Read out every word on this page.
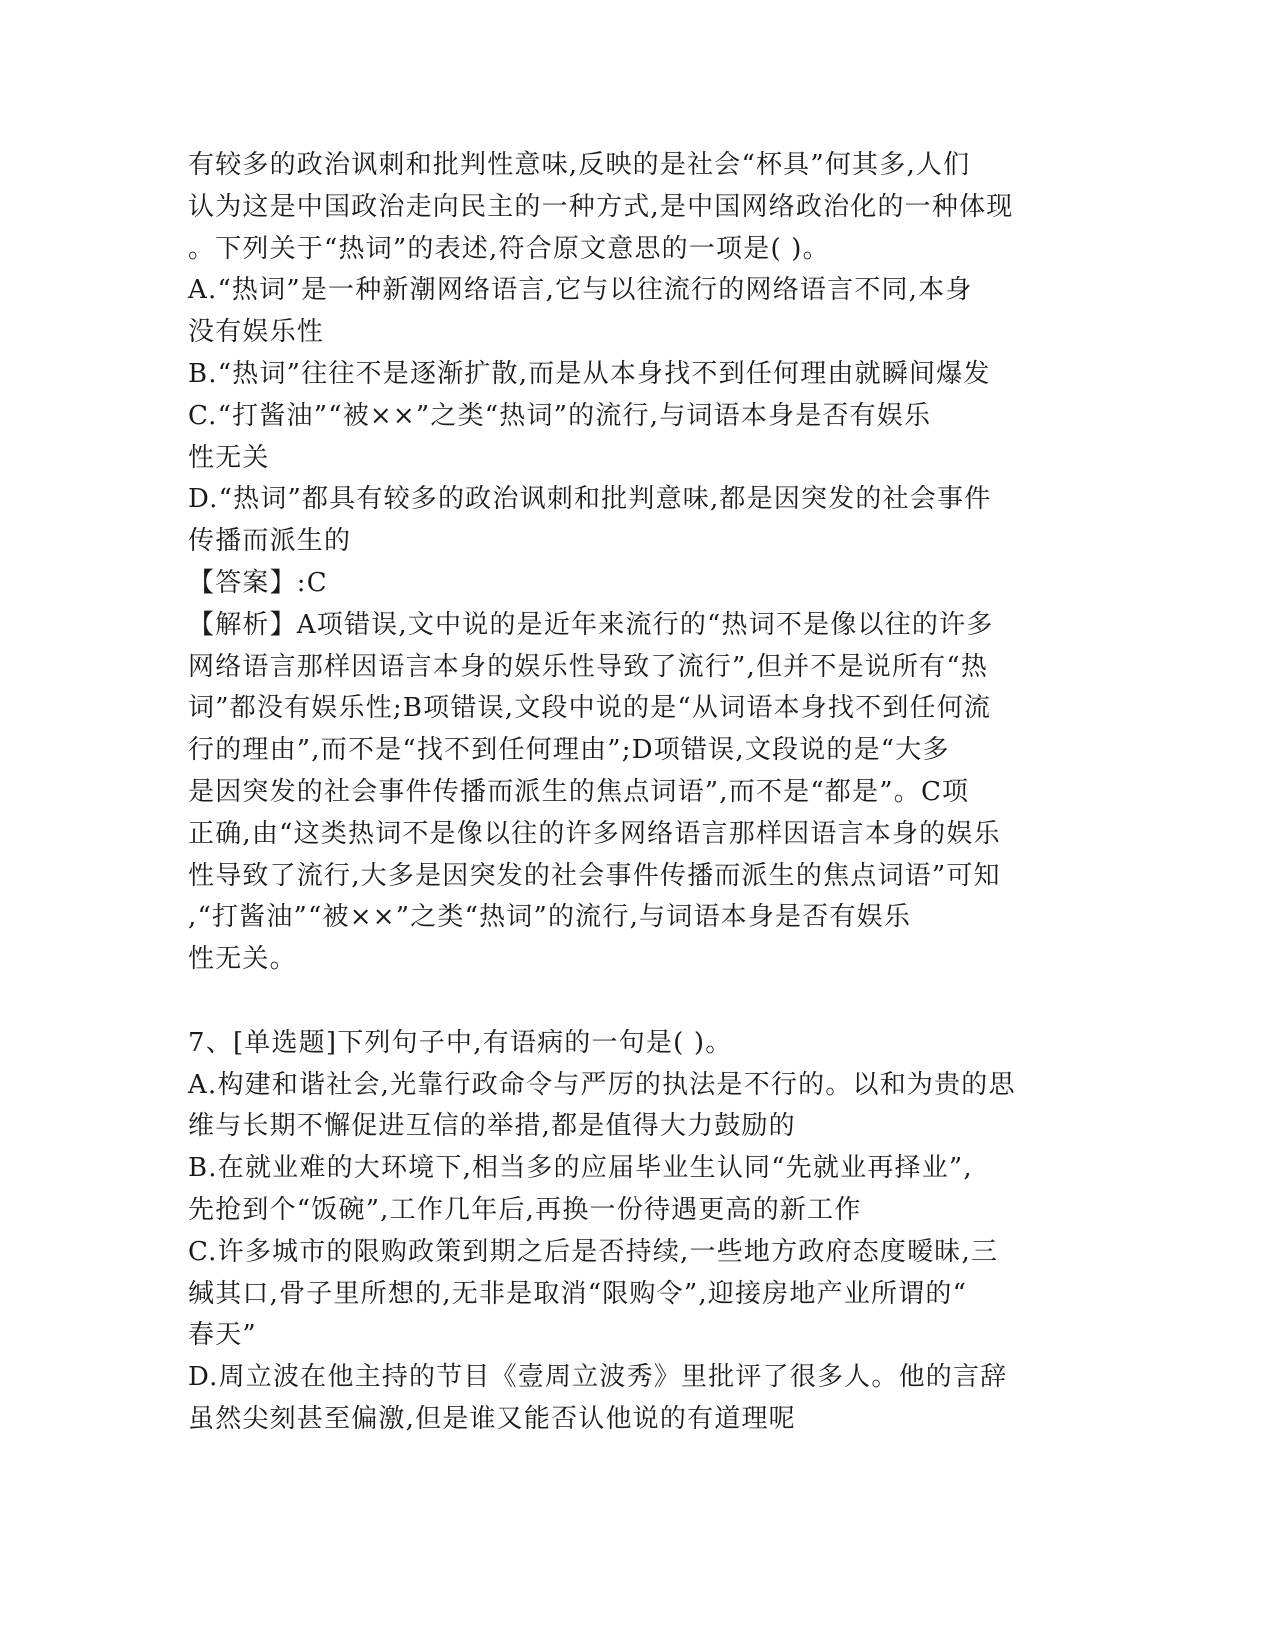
有较多的政治讽刺和批判性意味,反映的是社会“杯具”何其多,人们
认为这是中国政治走向民主的一种方式,是中国网络政治化的一种体现
。下列关于“热词”的表述,符合原文意思的一项是( )。
A.“热词”是一种新潮网络语言,它与以往流行的网络语言不同,本身
没有娱乐性
B.“热词”往往不是逐渐扩散,而是从本身找不到任何理由就瞬间爆发
C.“打酱油”“被××”之类“热词”的流行,与词语本身是否有娱乐
性无关
D.“热词”都具有较多的政治讽刺和批判意味,都是因突发的社会事件
传播而派生的
【答案】:C
【解析】A项错误,文中说的是近年来流行的“热词不是像以往的许多
网络语言那样因语言本身的娱乐性导致了流行”,但并不是说所有“热
词”都没有娱乐性;B项错误,文段中说的是“从词语本身找不到任何流
行的理由”,而不是“找不到任何理由”;D项错误,文段说的是“大多
是因突发的社会事件传播而派生的焦点词语”,而不是“都是”。C项
正确,由“这类热词不是像以往的许多网络语言那样因语言本身的娱乐
性导致了流行,大多是因突发的社会事件传播而派生的焦点词语”可知
,“打酱油”“被××”之类“热词”的流行,与词语本身是否有娱乐
性无关。
7、[单选题]下列句子中,有语病的一句是( )。
A.构建和谐社会,光靠行政命令与严厉的执法是不行的。以和为贵的思
维与长期不懈促进互信的举措,都是值得大力鼓励的
B.在就业难的大环境下,相当多的应届毕业生认同“先就业再择业”,
先抢到个“饭碗”,工作几年后,再换一份待遇更高的新工作
C.许多城市的限购政策到期之后是否持续,一些地方政府态度暧昧,三
缄其口,骨子里所想的,无非是取消“限购令”,迎接房地产业所谓的“
春天”
D.周立波在他主持的节目《壹周立波秀》里批评了很多人。他的言辞
虽然尖刻甚至偏激,但是谁又能否认他说的有道理呢
